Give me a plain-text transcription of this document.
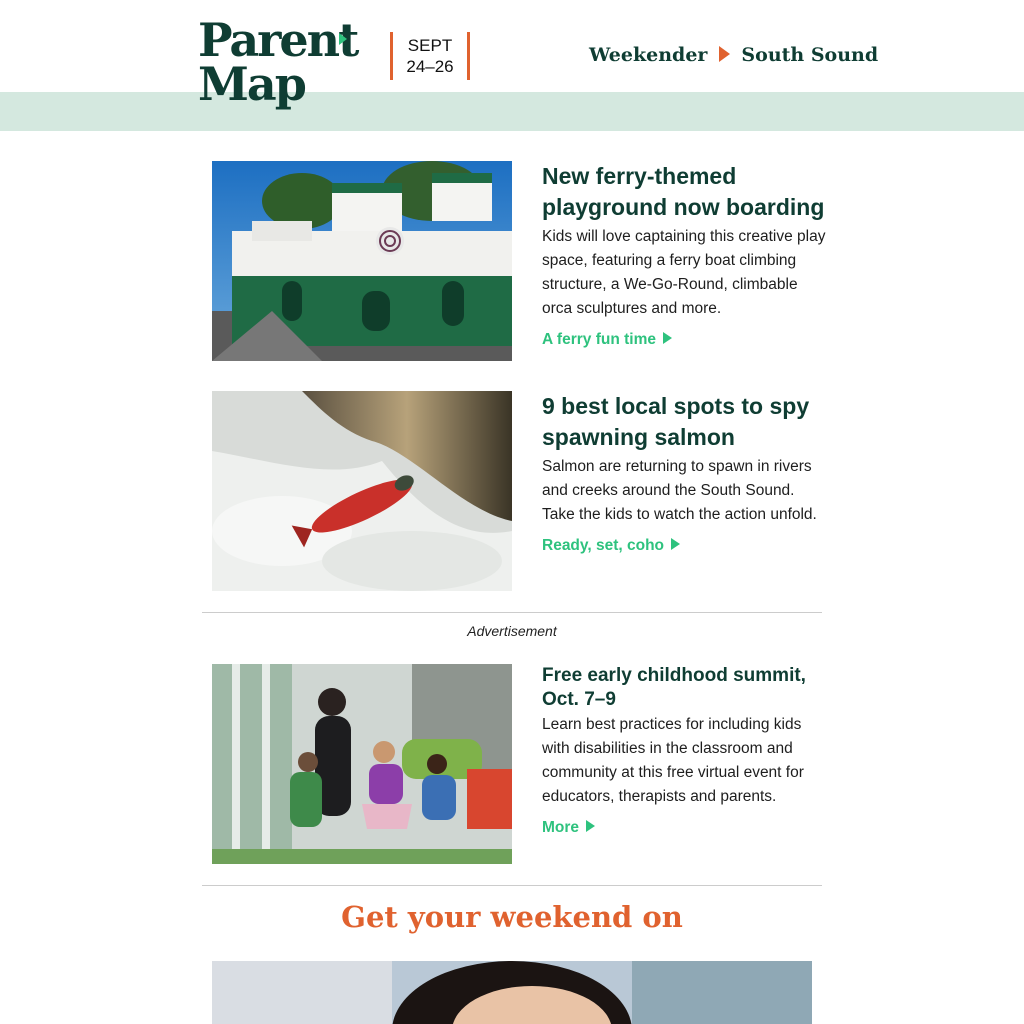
Parent
Map
SEPT
24–26
Weekender South Sound
New ferry-themed playground now boarding

Kids will love captaining this creative play space, featuring a ferry boat climbing structure, a We-Go-Round, climbable orca sculptures and more.

A ferry fun time
9 best local spots to spy spawning salmon

Salmon are returning to spawn in rivers and creeks around the South Sound. Take the kids to watch the action unfold.

Ready, set, coho
Advertisement
Free early childhood summit, Oct. 7–9

Learn best practices for including kids with disabilities in the classroom and community at this free virtual event for educators, therapists and parents.

More
Get your weekend on
